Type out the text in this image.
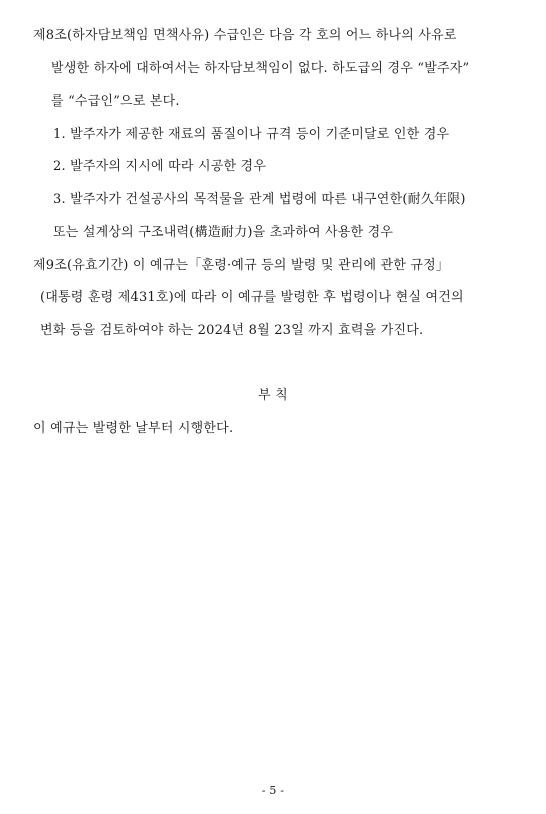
제8조(하자담보책임 면책사유) 수급인은 다음 각 호의 어느 하나의 사유로
발생한 하자에 대하여서는 하자담보책임이 없다. 하도급의 경우 “발주자”
를 “수급인”으로 본다.
1. 발주자가 제공한 재료의 품질이나 규격 등이 기준미달로 인한 경우
2. 발주자의 지시에 따라 시공한 경우
3. 발주자가 건설공사의 목적물을 관계 법령에 따른 내구연한(耐久年限)
또는 설계상의 구조내력(構造耐力)을 초과하여 사용한 경우
제9조(유효기간) 이 예규는「훈령·예규 등의 발령 및 관리에 관한 규정」
(대통령 훈령 제431호)에 따라 이 예규를 발령한 후 법령이나 현실 여건의
변화 등을 검토하여야 하는 2024년 8월 23일 까지 효력을 가진다.
부 칙
이 예규는 발령한 날부터 시행한다.
- 5 -
